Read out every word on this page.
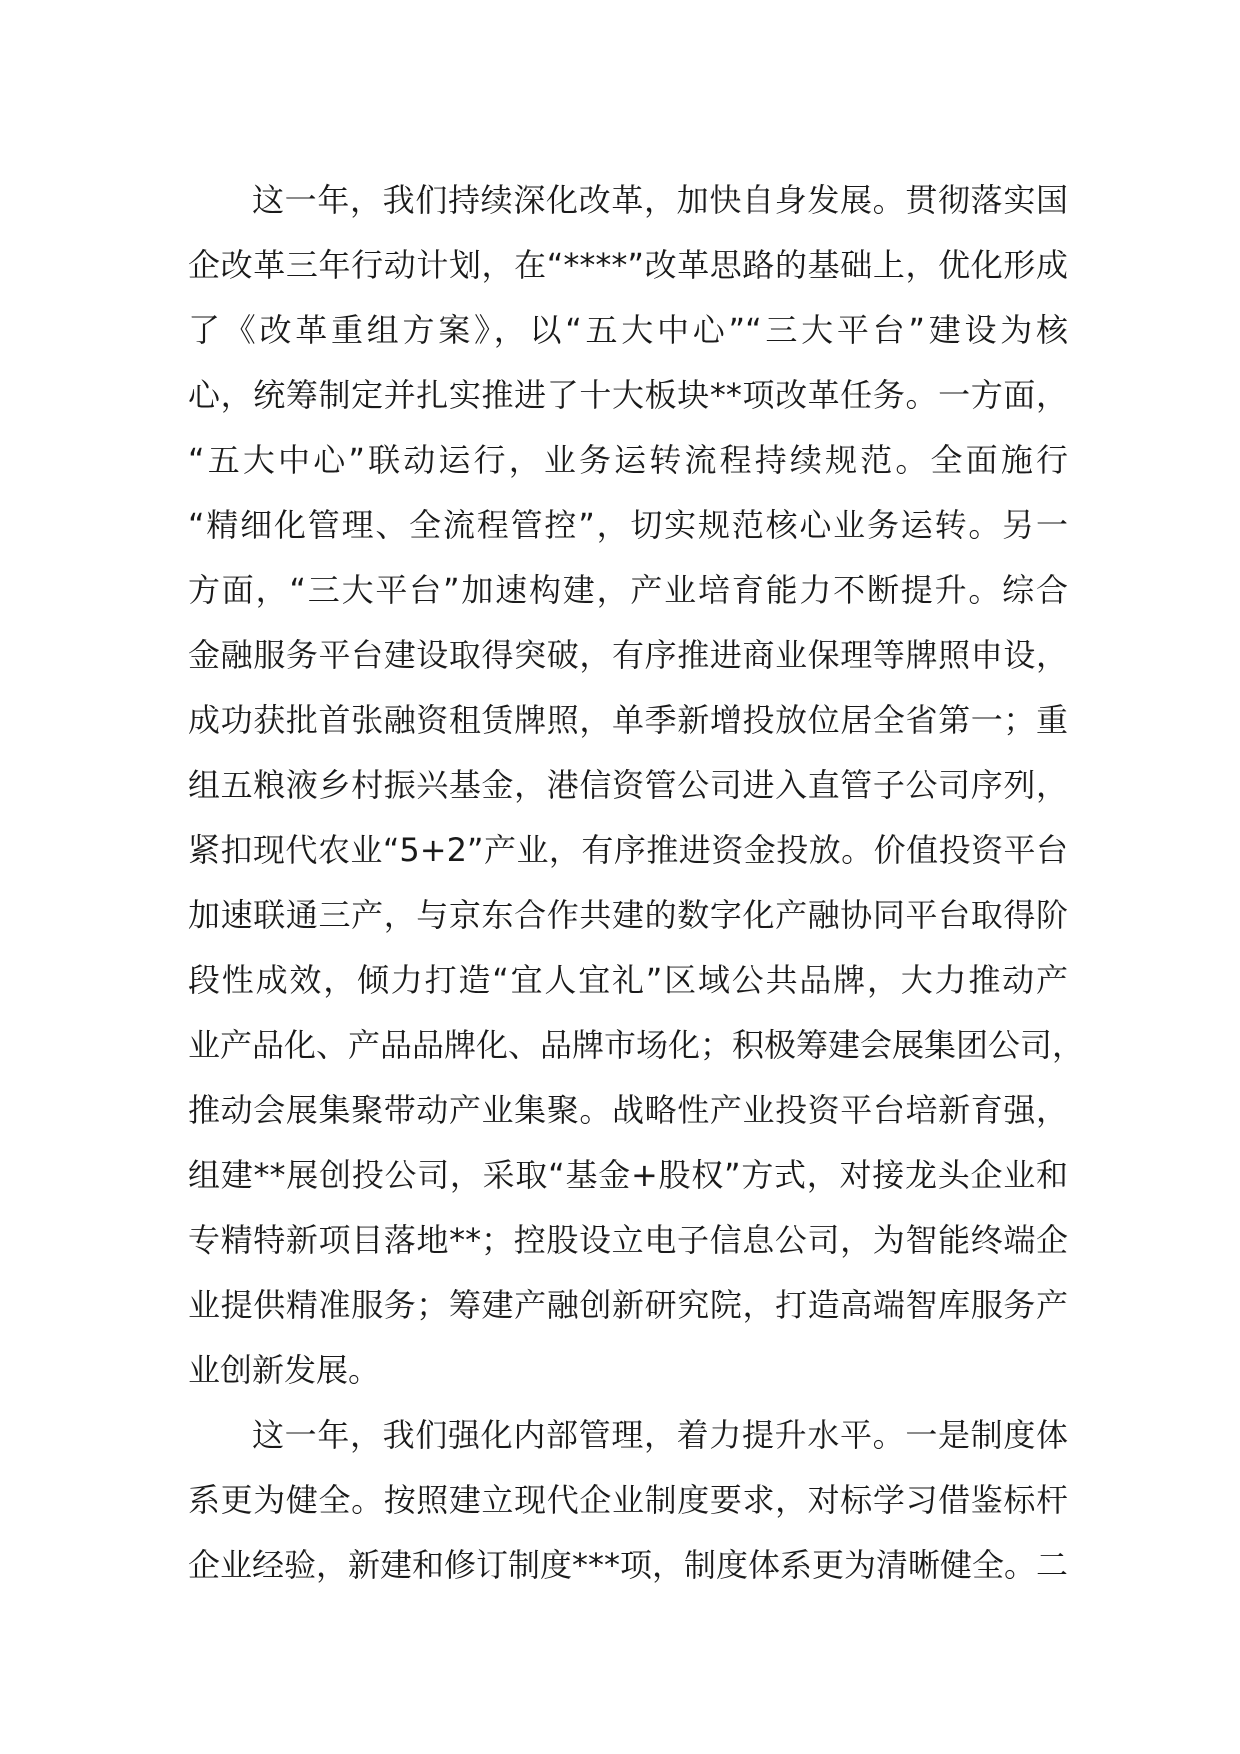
这一年，我们持续深化改革，加快自身发展。贯彻落实国
企改革三年行动计划，在“****”改革思路的基础上，优化形成
了《改革重组方案》，以“五大中心”“三大平台”建设为核
心，统筹制定并扎实推进了十大板块**项改革任务。一方面，
“五大中心”联动运行，业务运转流程持续规范。全面施行
“精细化管理、全流程管控”，切实规范核心业务运转。另一
方面，“三大平台”加速构建，产业培育能力不断提升。综合
金融服务平台建设取得突破，有序推进商业保理等牌照申设，
成功获批首张融资租赁牌照，单季新增投放位居全省第一；重
组五粮液乡村振兴基金，港信资管公司进入直管子公司序列，
紧扣现代农业“5+2”产业，有序推进资金投放。价值投资平台
加速联通三产，与京东合作共建的数字化产融协同平台取得阶
段性成效，倾力打造“宜人宜礼”区域公共品牌，大力推动产
业产品化、产品品牌化、品牌市场化；积极筹建会展集团公司，
推动会展集聚带动产业集聚。战略性产业投资平台培新育强，
组建**展创投公司，采取“基金+股权”方式，对接龙头企业和
专精特新项目落地**；控股设立电子信息公司，为智能终端企
业提供精准服务；筹建产融创新研究院，打造高端智库服务产
业创新发展。
这一年，我们强化内部管理，着力提升水平。一是制度体
系更为健全。按照建立现代企业制度要求，对标学习借鉴标杆
企业经验，新建和修订制度***项，制度体系更为清晰健全。二
